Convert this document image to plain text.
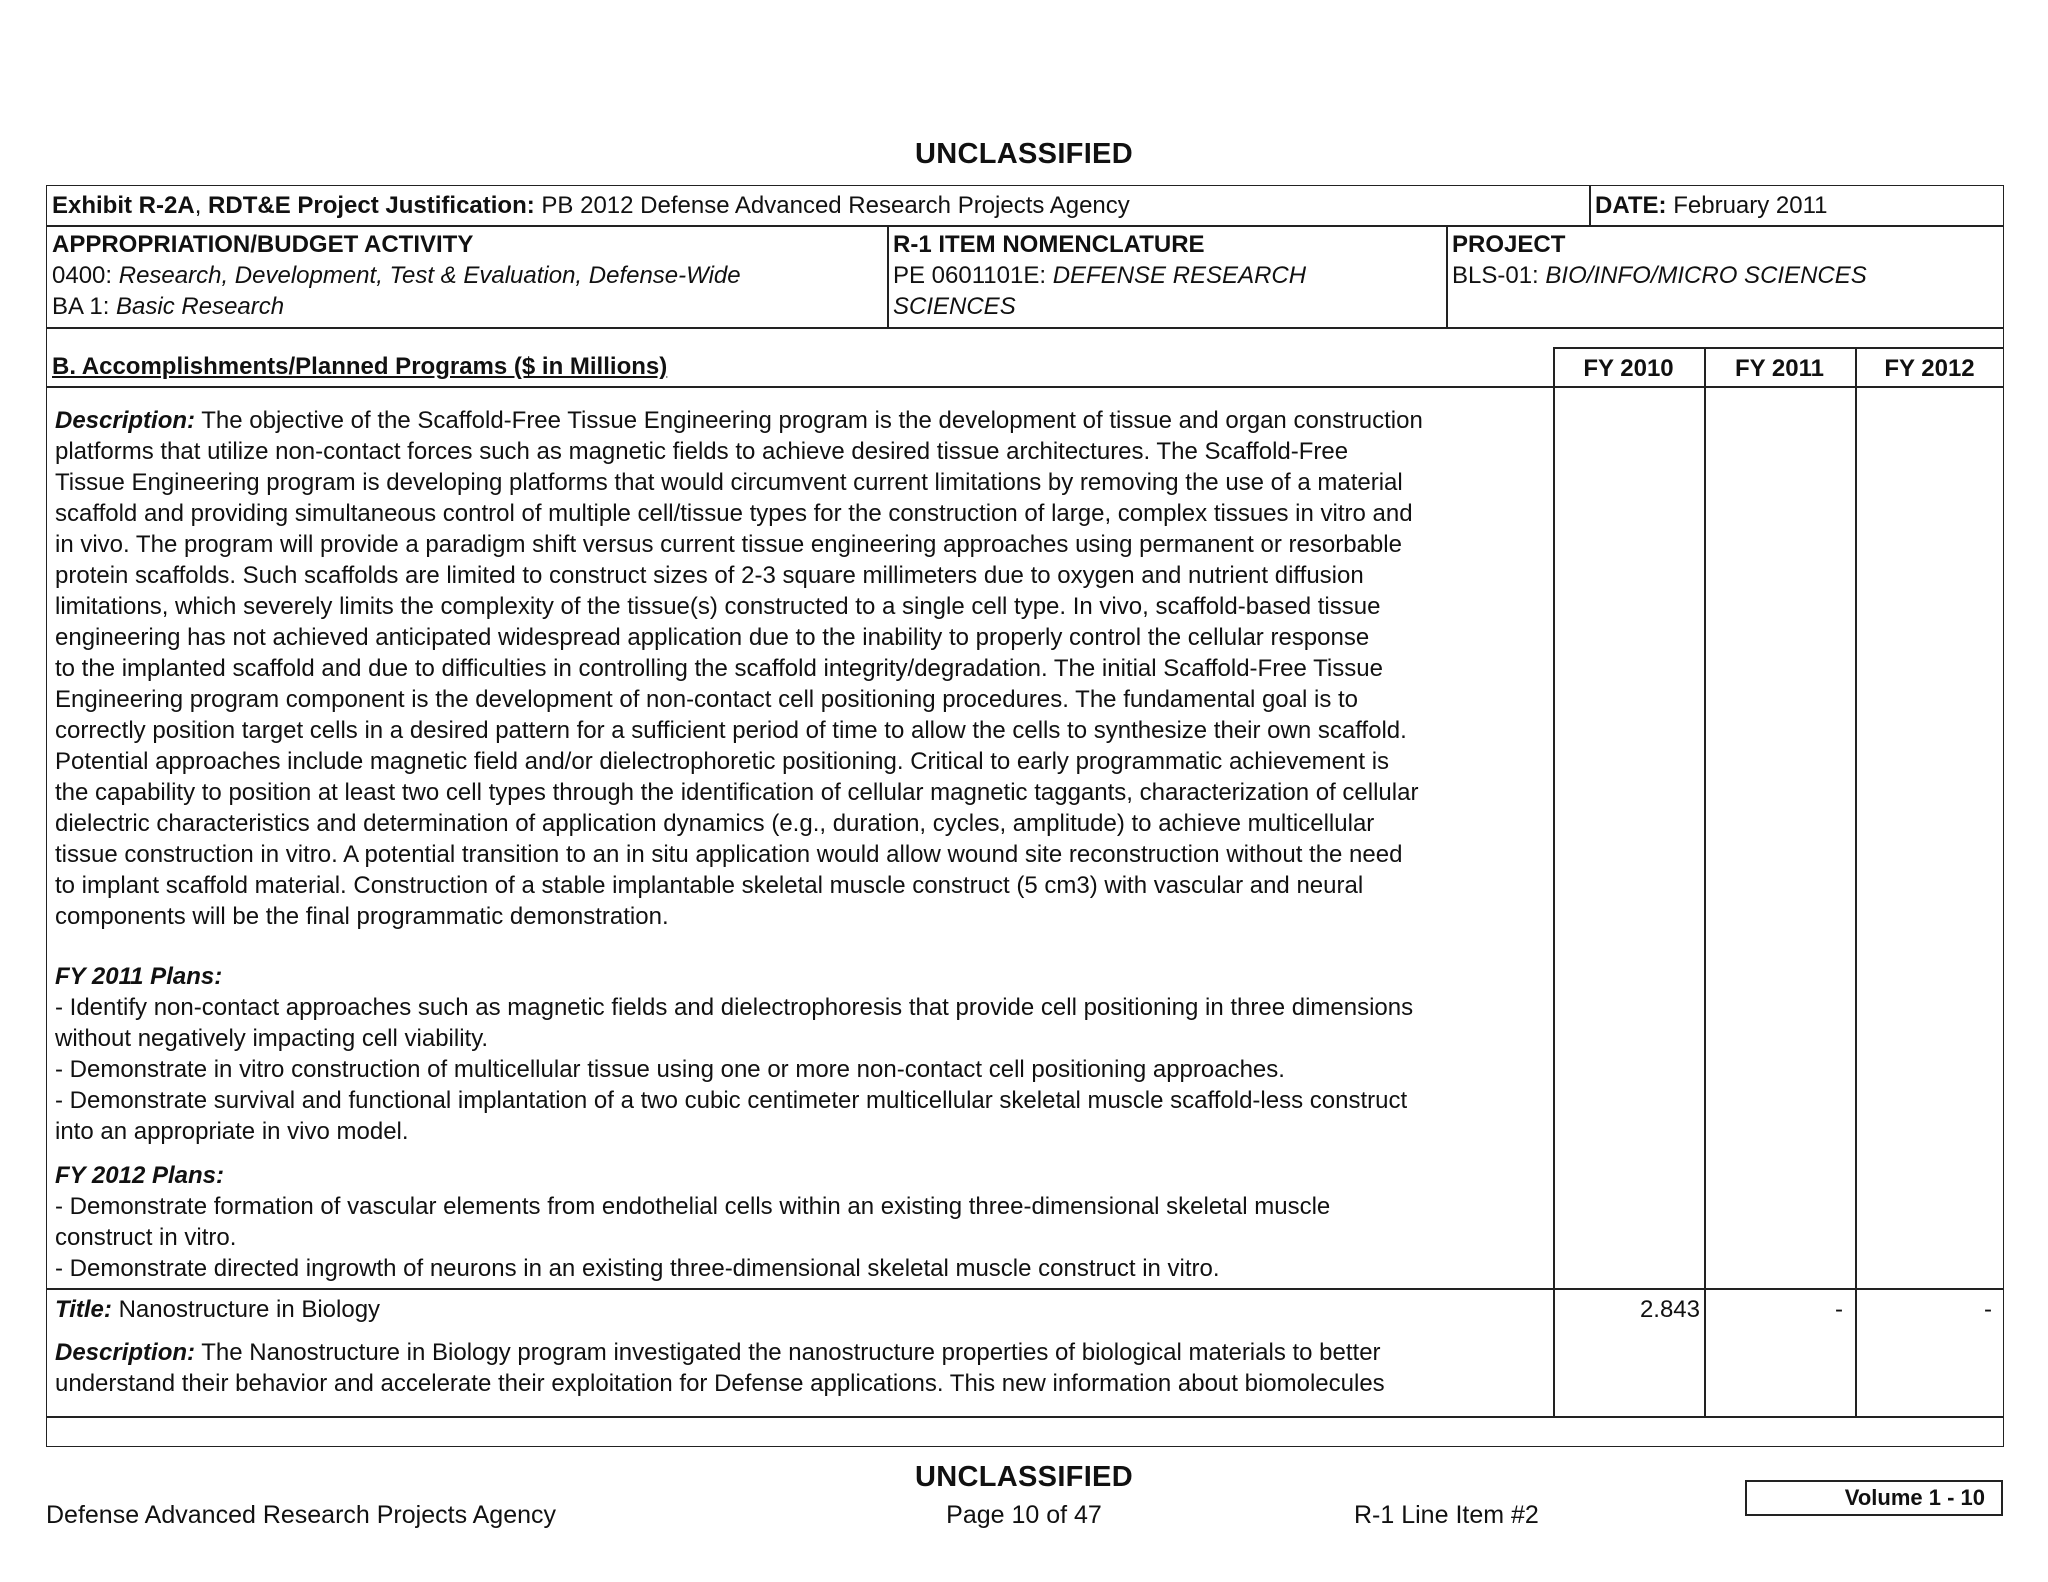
UNCLASSIFIED
Exhibit R-2A, RDT&E Project Justification: PB 2012 Defense Advanced Research Projects Agency	DATE: February 2011
APPROPRIATION/BUDGET ACTIVITY
0400: Research, Development, Test & Evaluation, Defense-Wide
BA 1: Basic Research
R-1 ITEM NOMENCLATURE
PE 0601101E: DEFENSE RESEARCH
SCIENCES
PROJECT
BLS-01: BIO/INFO/MICRO SCIENCES
B. Accomplishments/Planned Programs ($ in Millions)	FY 2010	FY 2011	FY 2012

Description: The objective of the Scaffold-Free Tissue Engineering program is the development of tissue and organ construction

platforms that utilize non-contact forces such as magnetic fields to achieve desired tissue architectures. The Scaffold-Free

Tissue Engineering program is developing platforms that would circumvent current limitations by removing the use of a material

scaffold and providing simultaneous control of multiple cell/tissue types for the construction of large, complex tissues in vitro and

in vivo. The program will provide a paradigm shift versus current tissue engineering approaches using permanent or resorbable

protein scaffolds. Such scaffolds are limited to construct sizes of 2-3 square millimeters due to oxygen and nutrient diffusion

limitations, which severely limits the complexity of the tissue(s) constructed to a single cell type. In vivo, scaffold-based tissue

engineering has not achieved anticipated widespread application due to the inability to properly control the cellular response

to the implanted scaffold and due to difficulties in controlling the scaffold integrity/degradation. The initial Scaffold-Free Tissue

Engineering program component is the development of non-contact cell positioning procedures. The fundamental goal is to

correctly position target cells in a desired pattern for a sufficient period of time to allow the cells to synthesize their own scaffold.

Potential approaches include magnetic field and/or dielectrophoretic positioning. Critical to early programmatic achievement is

the capability to position at least two cell types through the identification of cellular magnetic taggants, characterization of cellular

dielectric characteristics and determination of application dynamics (e.g., duration, cycles, amplitude) to achieve multicellular

tissue construction in vitro. A potential transition to an in situ application would allow wound site reconstruction without the need

to implant scaffold material. Construction of a stable implantable skeletal muscle construct (5 cm3) with vascular and neural

components will be the final programmatic demonstration.

FY 2011 Plans:

- Identify non-contact approaches such as magnetic fields and dielectrophoresis that provide cell positioning in three dimensions

without negatively impacting cell viability.

- Demonstrate in vitro construction of multicellular tissue using one or more non-contact cell positioning approaches.

- Demonstrate survival and functional implantation of a two cubic centimeter multicellular skeletal muscle scaffold-less construct

into an appropriate in vivo model.

FY 2012 Plans:

- Demonstrate formation of vascular elements from endothelial cells within an existing three-dimensional skeletal muscle

construct in vitro.

- Demonstrate directed ingrowth of neurons in an existing three-dimensional skeletal muscle construct in vitro.

Title: Nanostructure in Biology	2.843	-	-

Description: The Nanostructure in Biology program investigated the nanostructure properties of biological materials to better

understand their behavior and accelerate their exploitation for Defense applications. This new information about biomolecules

UNCLASSIFIED
Defense Advanced Research Projects Agency	Page 10 of 47	R-1 Line Item #2
Volume 1 - 10
